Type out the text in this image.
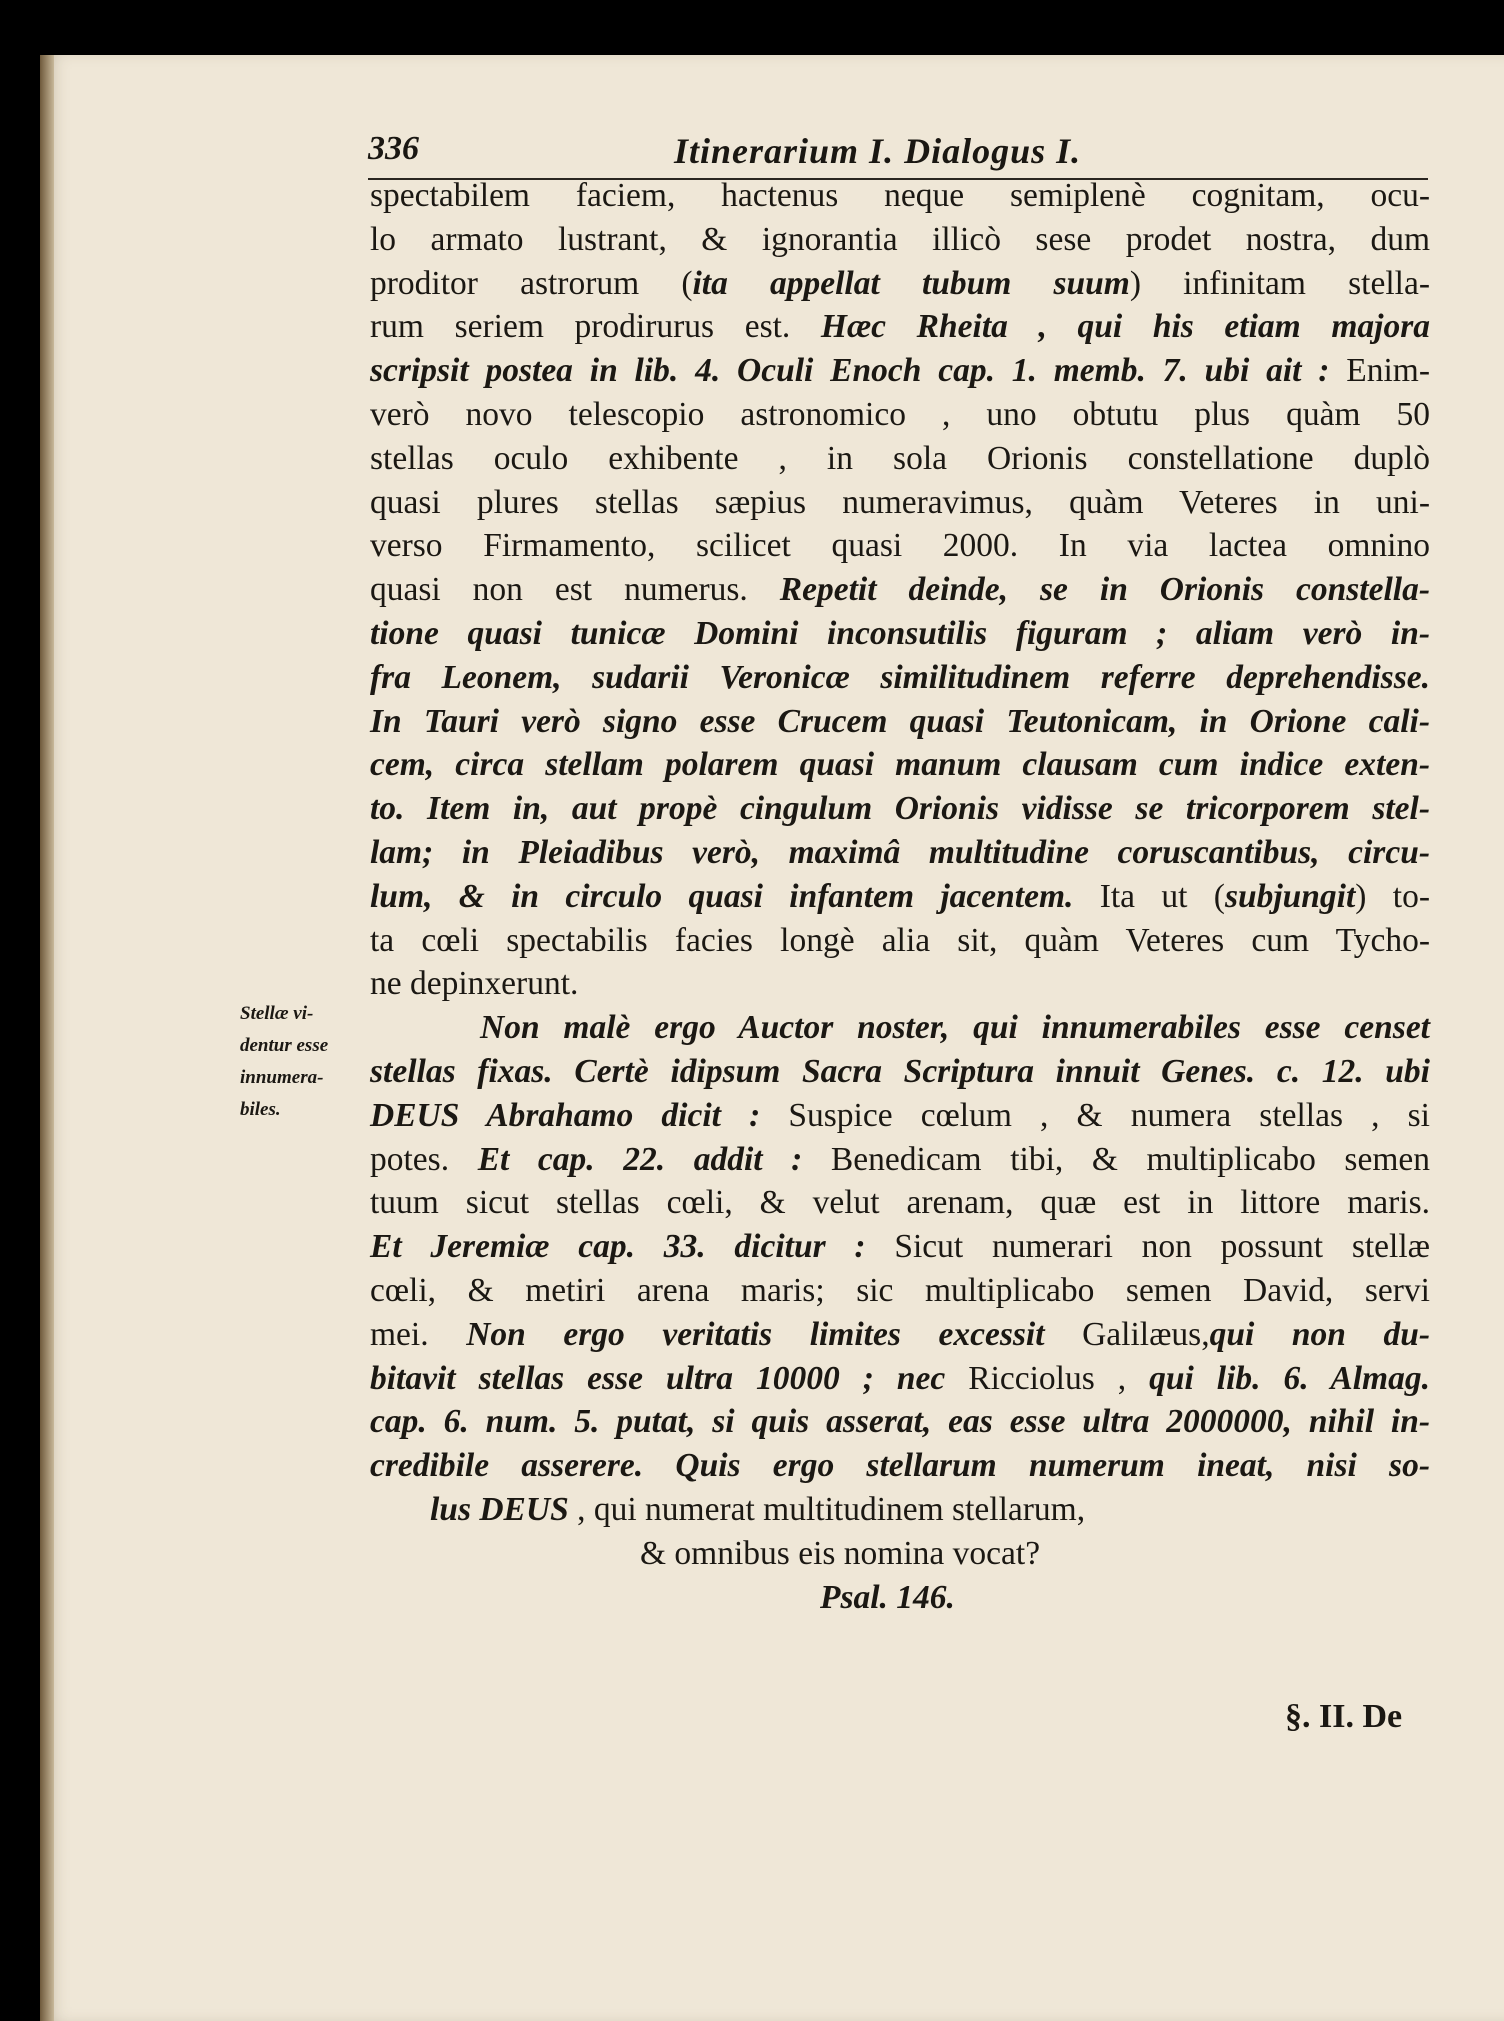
336	Itinerarium I. Dialogus I.
spectabilem faciem, hactenus neque semiplenè cognitam, ocu-
lo armato lustrant, & ignorantia illicò sese prodet nostra, dum
proditor astrorum (ita appellat tubum suum) infinitam stella-
rum seriem prodirurus est. Hæc Rheita , qui his etiam majora
scripsit postea in lib. 4. Oculi Enoch cap. 1. memb. 7. ubi ait : Enim-
verò novo telescopio astronomico , uno obtutu plus quàm 50
stellas oculo exhibente , in sola Orionis constellatione duplò
quasi plures stellas sæpius numeravimus, quàm Veteres in uni-
verso Firmamento, scilicet quasi 2000. In via lactea omnino
quasi non est numerus. Repetit deinde, se in Orionis constella-
tione quasi tunicæ Domini inconsutilis figuram ; aliam verò in-
fra Leonem, sudarii Veronicæ similitudinem referre deprehendisse.
In Tauri verò signo esse Crucem quasi Teutonicam, in Orione cali-
cem, circa stellam polarem quasi manum clausam cum indice exten-
to. Item in, aut propè cingulum Orionis vidisse se tricorporem stel-
lam; in Pleiadibus verò, maximâ multitudine coruscantibus, circu-
lum, & in circulo quasi infantem jacentem. Ita ut (subjungit) to-
ta cœli spectabilis facies longè alia sit, quàm Veteres cum Tycho-
ne depinxerunt.
Non malè ergo Auctor noster, qui innumerabiles esse censet
stellas fixas. Certè idipsum Sacra Scriptura innuit Genes. c. 12. ubi
DEUS Abrahamo dicit : Suspice cœlum , & numera stellas , si
potes. Et cap. 22. addit : Benedicam tibi, & multiplicabo semen
tuum sicut stellas cœli, & velut arenam, quæ est in littore maris.
Et Jeremiæ cap. 33. dicitur : Sicut numerari non possunt stellæ
cœli, & metiri arena maris; sic multiplicabo semen David, servi
mei. Non ergo veritatis limites excessit Galilæus,qui non du-
bitavit stellas esse ultra 10000 ; nec Ricciolus , qui lib. 6. Almag.
cap. 6. num. 5. putat, si quis asserat, eas esse ultra 2000000, nihil in-
credibile asserere. Quis ergo stellarum numerum ineat, nisi so-
lus DEUS , qui numerat multitudinem stellarum,
& omnibus eis nomina vocat?
Psal. 146.
Stellæ vi-
dentur esse
innumera-
biles.
§. II. De
